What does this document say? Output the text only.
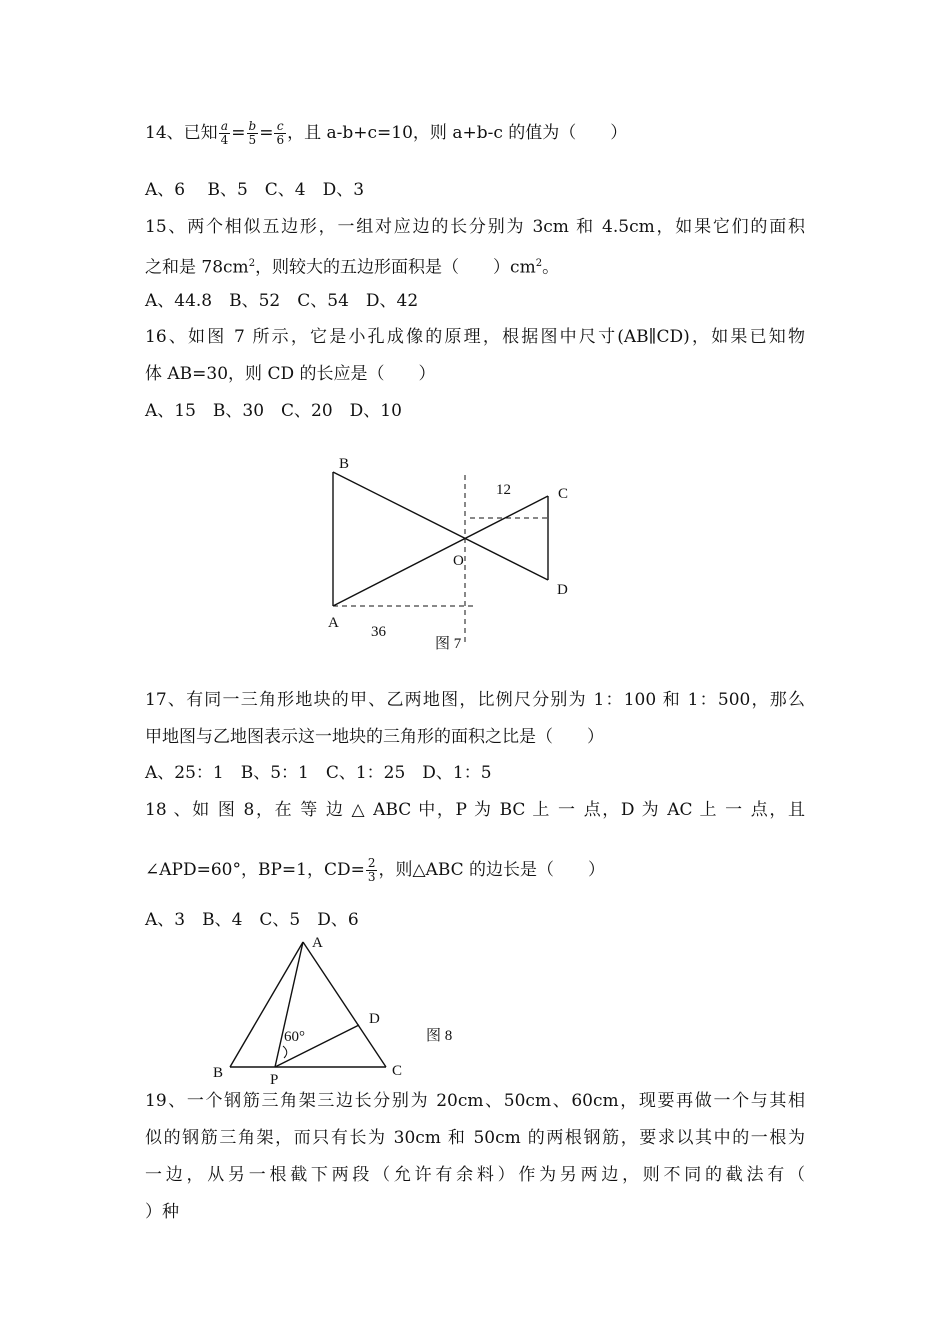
14、已知 $\frac{a}{4} = \frac{b}{5} = \frac{c}{6}$ ，且 a-b+c=10，则 a+b-c 的值为（　　）
A、6　 B、5　C、4　D、3
15、两个相似五边形，一组对应边的长分别为 3cm 和 4.5cm，如果它们的面积
之和是 $78cm^2$，则较大的五边形面积是（　　）$cm^2$。
A、44.8　B、52　C、54　D、42
16、如图 7 所示，它是小孔成像的原理，根据图中尺寸(AB∥CD)，如果已知物
体 AB=30，则 CD 的长应是（　　）
A、15　B、30　C、20　D、10
B
A
C
D
O
12
36
图 7
17、有同一三角形地块的甲、乙两地图，比例尺分别为 1：100 和 1：500，那么
甲地图与乙地图表示这一地块的三角形的面积之比是（　　）
A、25：1　B、5：1　C、1：25　D、1：5
18 、如 图 8，在 等 边 △ ABC 中，P 为 BC 上 一 点，D 为 AC 上 一 点，且
∠APD=60°，BP=1，$CD= \frac{2}{3}$ ，则△ABC 的边长是（　　）
A、3　B、4　C、5　D、6
A
B	C
D
P
60°	图 8
19、一个钢筋三角架三边长分别为 20cm、50cm、60cm，现要再做一个与其相
似的钢筋三角架，而只有长为 30cm 和 50cm 的两根钢筋，要求以其中的一根为
一边，从另一根截下两段（允许有余料）作为另两边，则不同的截法有（
）种
